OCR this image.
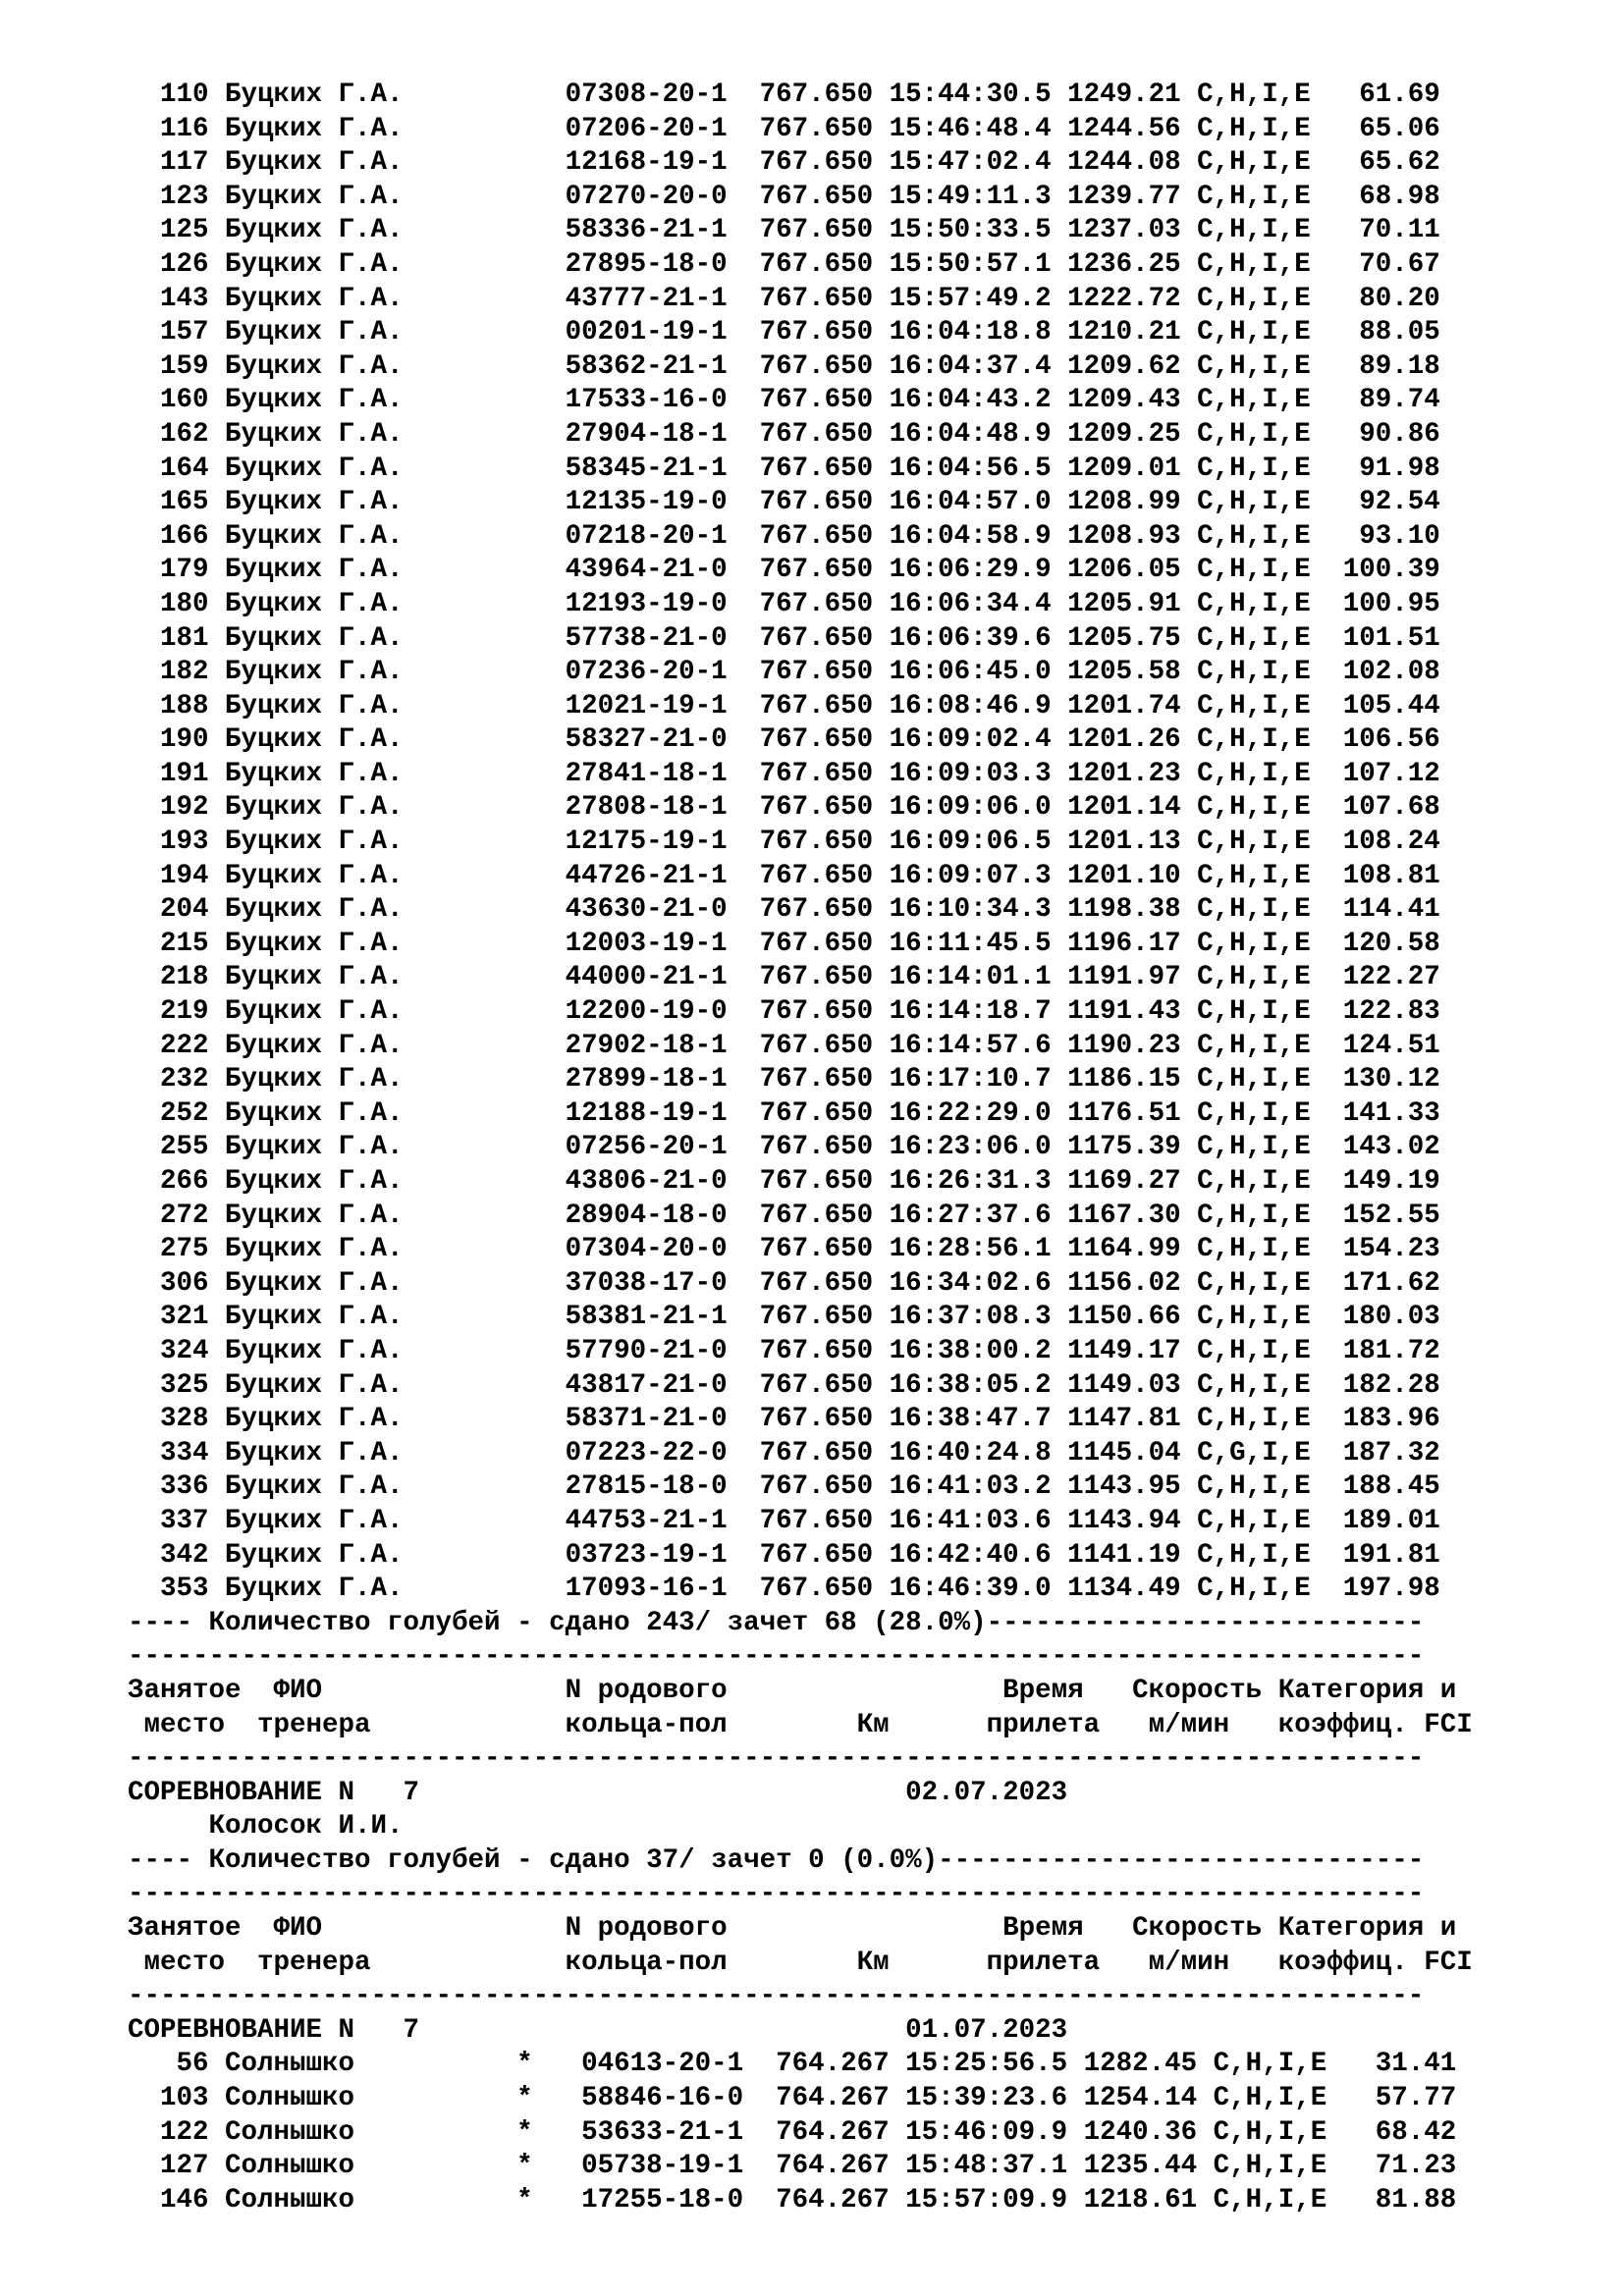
110 Буцких Г.А.          07308-20-1  767.650 15:44:30.5 1249.21 C,H,I,E   61.69
116 Буцких Г.А.          07206-20-1  767.650 15:46:48.4 1244.56 C,H,I,E   65.06
117 Буцких Г.А.          12168-19-1  767.650 15:47:02.4 1244.08 C,H,I,E   65.62
123 Буцких Г.А.          07270-20-0  767.650 15:49:11.3 1239.77 C,H,I,E   68.98
125 Буцких Г.А.          58336-21-1  767.650 15:50:33.5 1237.03 C,H,I,E   70.11
126 Буцких Г.А.          27895-18-0  767.650 15:50:57.1 1236.25 C,H,I,E   70.67
143 Буцких Г.А.          43777-21-1  767.650 15:57:49.2 1222.72 C,H,I,E   80.20
157 Буцких Г.А.          00201-19-1  767.650 16:04:18.8 1210.21 C,H,I,E   88.05
159 Буцких Г.А.          58362-21-1  767.650 16:04:37.4 1209.62 C,H,I,E   89.18
160 Буцких Г.А.          17533-16-0  767.650 16:04:43.2 1209.43 C,H,I,E   89.74
162 Буцких Г.А.          27904-18-1  767.650 16:04:48.9 1209.25 C,H,I,E   90.86
164 Буцких Г.А.          58345-21-1  767.650 16:04:56.5 1209.01 C,H,I,E   91.98
165 Буцких Г.А.          12135-19-0  767.650 16:04:57.0 1208.99 C,H,I,E   92.54
166 Буцких Г.А.          07218-20-1  767.650 16:04:58.9 1208.93 C,H,I,E   93.10
179 Буцких Г.А.          43964-21-0  767.650 16:06:29.9 1206.05 C,H,I,E  100.39
180 Буцких Г.А.          12193-19-0  767.650 16:06:34.4 1205.91 C,H,I,E  100.95
181 Буцких Г.А.          57738-21-0  767.650 16:06:39.6 1205.75 C,H,I,E  101.51
182 Буцких Г.А.          07236-20-1  767.650 16:06:45.0 1205.58 C,H,I,E  102.08
188 Буцких Г.А.          12021-19-1  767.650 16:08:46.9 1201.74 C,H,I,E  105.44
190 Буцких Г.А.          58327-21-0  767.650 16:09:02.4 1201.26 C,H,I,E  106.56
191 Буцких Г.А.          27841-18-1  767.650 16:09:03.3 1201.23 C,H,I,E  107.12
192 Буцких Г.А.          27808-18-1  767.650 16:09:06.0 1201.14 C,H,I,E  107.68
193 Буцких Г.А.          12175-19-1  767.650 16:09:06.5 1201.13 C,H,I,E  108.24
194 Буцких Г.А.          44726-21-1  767.650 16:09:07.3 1201.10 C,H,I,E  108.81
204 Буцких Г.А.          43630-21-0  767.650 16:10:34.3 1198.38 C,H,I,E  114.41
215 Буцких Г.А.          12003-19-1  767.650 16:11:45.5 1196.17 C,H,I,E  120.58
218 Буцких Г.А.          44000-21-1  767.650 16:14:01.1 1191.97 C,H,I,E  122.27
219 Буцких Г.А.          12200-19-0  767.650 16:14:18.7 1191.43 C,H,I,E  122.83
222 Буцких Г.А.          27902-18-1  767.650 16:14:57.6 1190.23 C,H,I,E  124.51
232 Буцких Г.А.          27899-18-1  767.650 16:17:10.7 1186.15 C,H,I,E  130.12
252 Буцких Г.А.          12188-19-1  767.650 16:22:29.0 1176.51 C,H,I,E  141.33
255 Буцких Г.А.          07256-20-1  767.650 16:23:06.0 1175.39 C,H,I,E  143.02
266 Буцких Г.А.          43806-21-0  767.650 16:26:31.3 1169.27 C,H,I,E  149.19
272 Буцких Г.А.          28904-18-0  767.650 16:27:37.6 1167.30 C,H,I,E  152.55
275 Буцких Г.А.          07304-20-0  767.650 16:28:56.1 1164.99 C,H,I,E  154.23
306 Буцких Г.А.          37038-17-0  767.650 16:34:02.6 1156.02 C,H,I,E  171.62
321 Буцких Г.А.          58381-21-1  767.650 16:37:08.3 1150.66 C,H,I,E  180.03
324 Буцких Г.А.          57790-21-0  767.650 16:38:00.2 1149.17 C,H,I,E  181.72
325 Буцких Г.А.          43817-21-0  767.650 16:38:05.2 1149.03 C,H,I,E  182.28
328 Буцких Г.А.          58371-21-0  767.650 16:38:47.7 1147.81 C,H,I,E  183.96
334 Буцких Г.А.          07223-22-0  767.650 16:40:24.8 1145.04 C,G,I,E  187.32
336 Буцких Г.А.          27815-18-0  767.650 16:41:03.2 1143.95 C,H,I,E  188.45
337 Буцких Г.А.          44753-21-1  767.650 16:41:03.6 1143.94 C,H,I,E  189.01
342 Буцких Г.А.          03723-19-1  767.650 16:42:40.6 1141.19 C,H,I,E  191.81
353 Буцких Г.А.          17093-16-1  767.650 16:46:39.0 1134.49 C,H,I,E  197.98
---- Количество голубей - сдано 243/ зачет 68 (28.0%)---------------------------
--------------------------------------------------------------------------------
Занятое  ФИО               N родового                 Время   Скорость Категория и
место  тренера            кольца-пол        Км      прилета   м/мин   коэффиц. FCI
--------------------------------------------------------------------------------
СОРЕВНОВАНИЕ N   7                              02.07.2023
Колосок И.И.
---- Количество голубей - сдано 37/ зачет 0 (0.0%)------------------------------
--------------------------------------------------------------------------------
Занятое  ФИО               N родового                 Время   Скорость Категория и
место  тренера            кольца-пол        Км      прилета   м/мин   коэффиц. FCI
--------------------------------------------------------------------------------
СОРЕВНОВАНИЕ N   7                              01.07.2023
56 Солнышко          *   04613-20-1  764.267 15:25:56.5 1282.45 C,H,I,E   31.41
103 Солнышко          *   58846-16-0  764.267 15:39:23.6 1254.14 C,H,I,E   57.77
122 Солнышко          *   53633-21-1  764.267 15:46:09.9 1240.36 C,H,I,E   68.42
127 Солнышко          *   05738-19-1  764.267 15:48:37.1 1235.44 C,H,I,E   71.23
146 Солнышко          *   17255-18-0  764.267 15:57:09.9 1218.61 C,H,I,E   81.88
